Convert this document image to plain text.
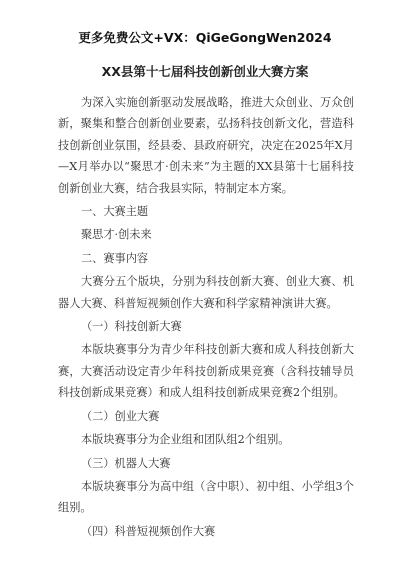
更多免费公文+VX：QiGeGongWen2024
XX县第十七届科技创新创业大赛方案

为深入实施创新驱动发展战略，推进大众创业、万众创新，聚集和整合创新创业要素，弘扬科技创新文化，营造科技创新创业氛围，经县委、县政府研究，决定在2025年X月—X月举办以“聚思才·创未来”为主题的XX县第十七届科技创新创业大赛，结合我县实际，特制定本方案。

一、大赛主题

聚思才·创未来

二、赛事内容

大赛分五个版块，分别为科技创新大赛、创业大赛、机器人大赛、科普短视频创作大赛和科学家精神演讲大赛。

（一）科技创新大赛

本版块赛事分为青少年科技创新大赛和成人科技创新大赛，大赛活动设定青少年科技创新成果竞赛（含科技辅导员科技创新成果竞赛）和成人组科技创新成果竞赛2个组别。

（二）创业大赛

本版块赛事分为企业组和团队组2个组别。

（三）机器人大赛

本版块赛事分为高中组（含中职）、初中组、小学组3个组别。

（四）科普短视频创作大赛
